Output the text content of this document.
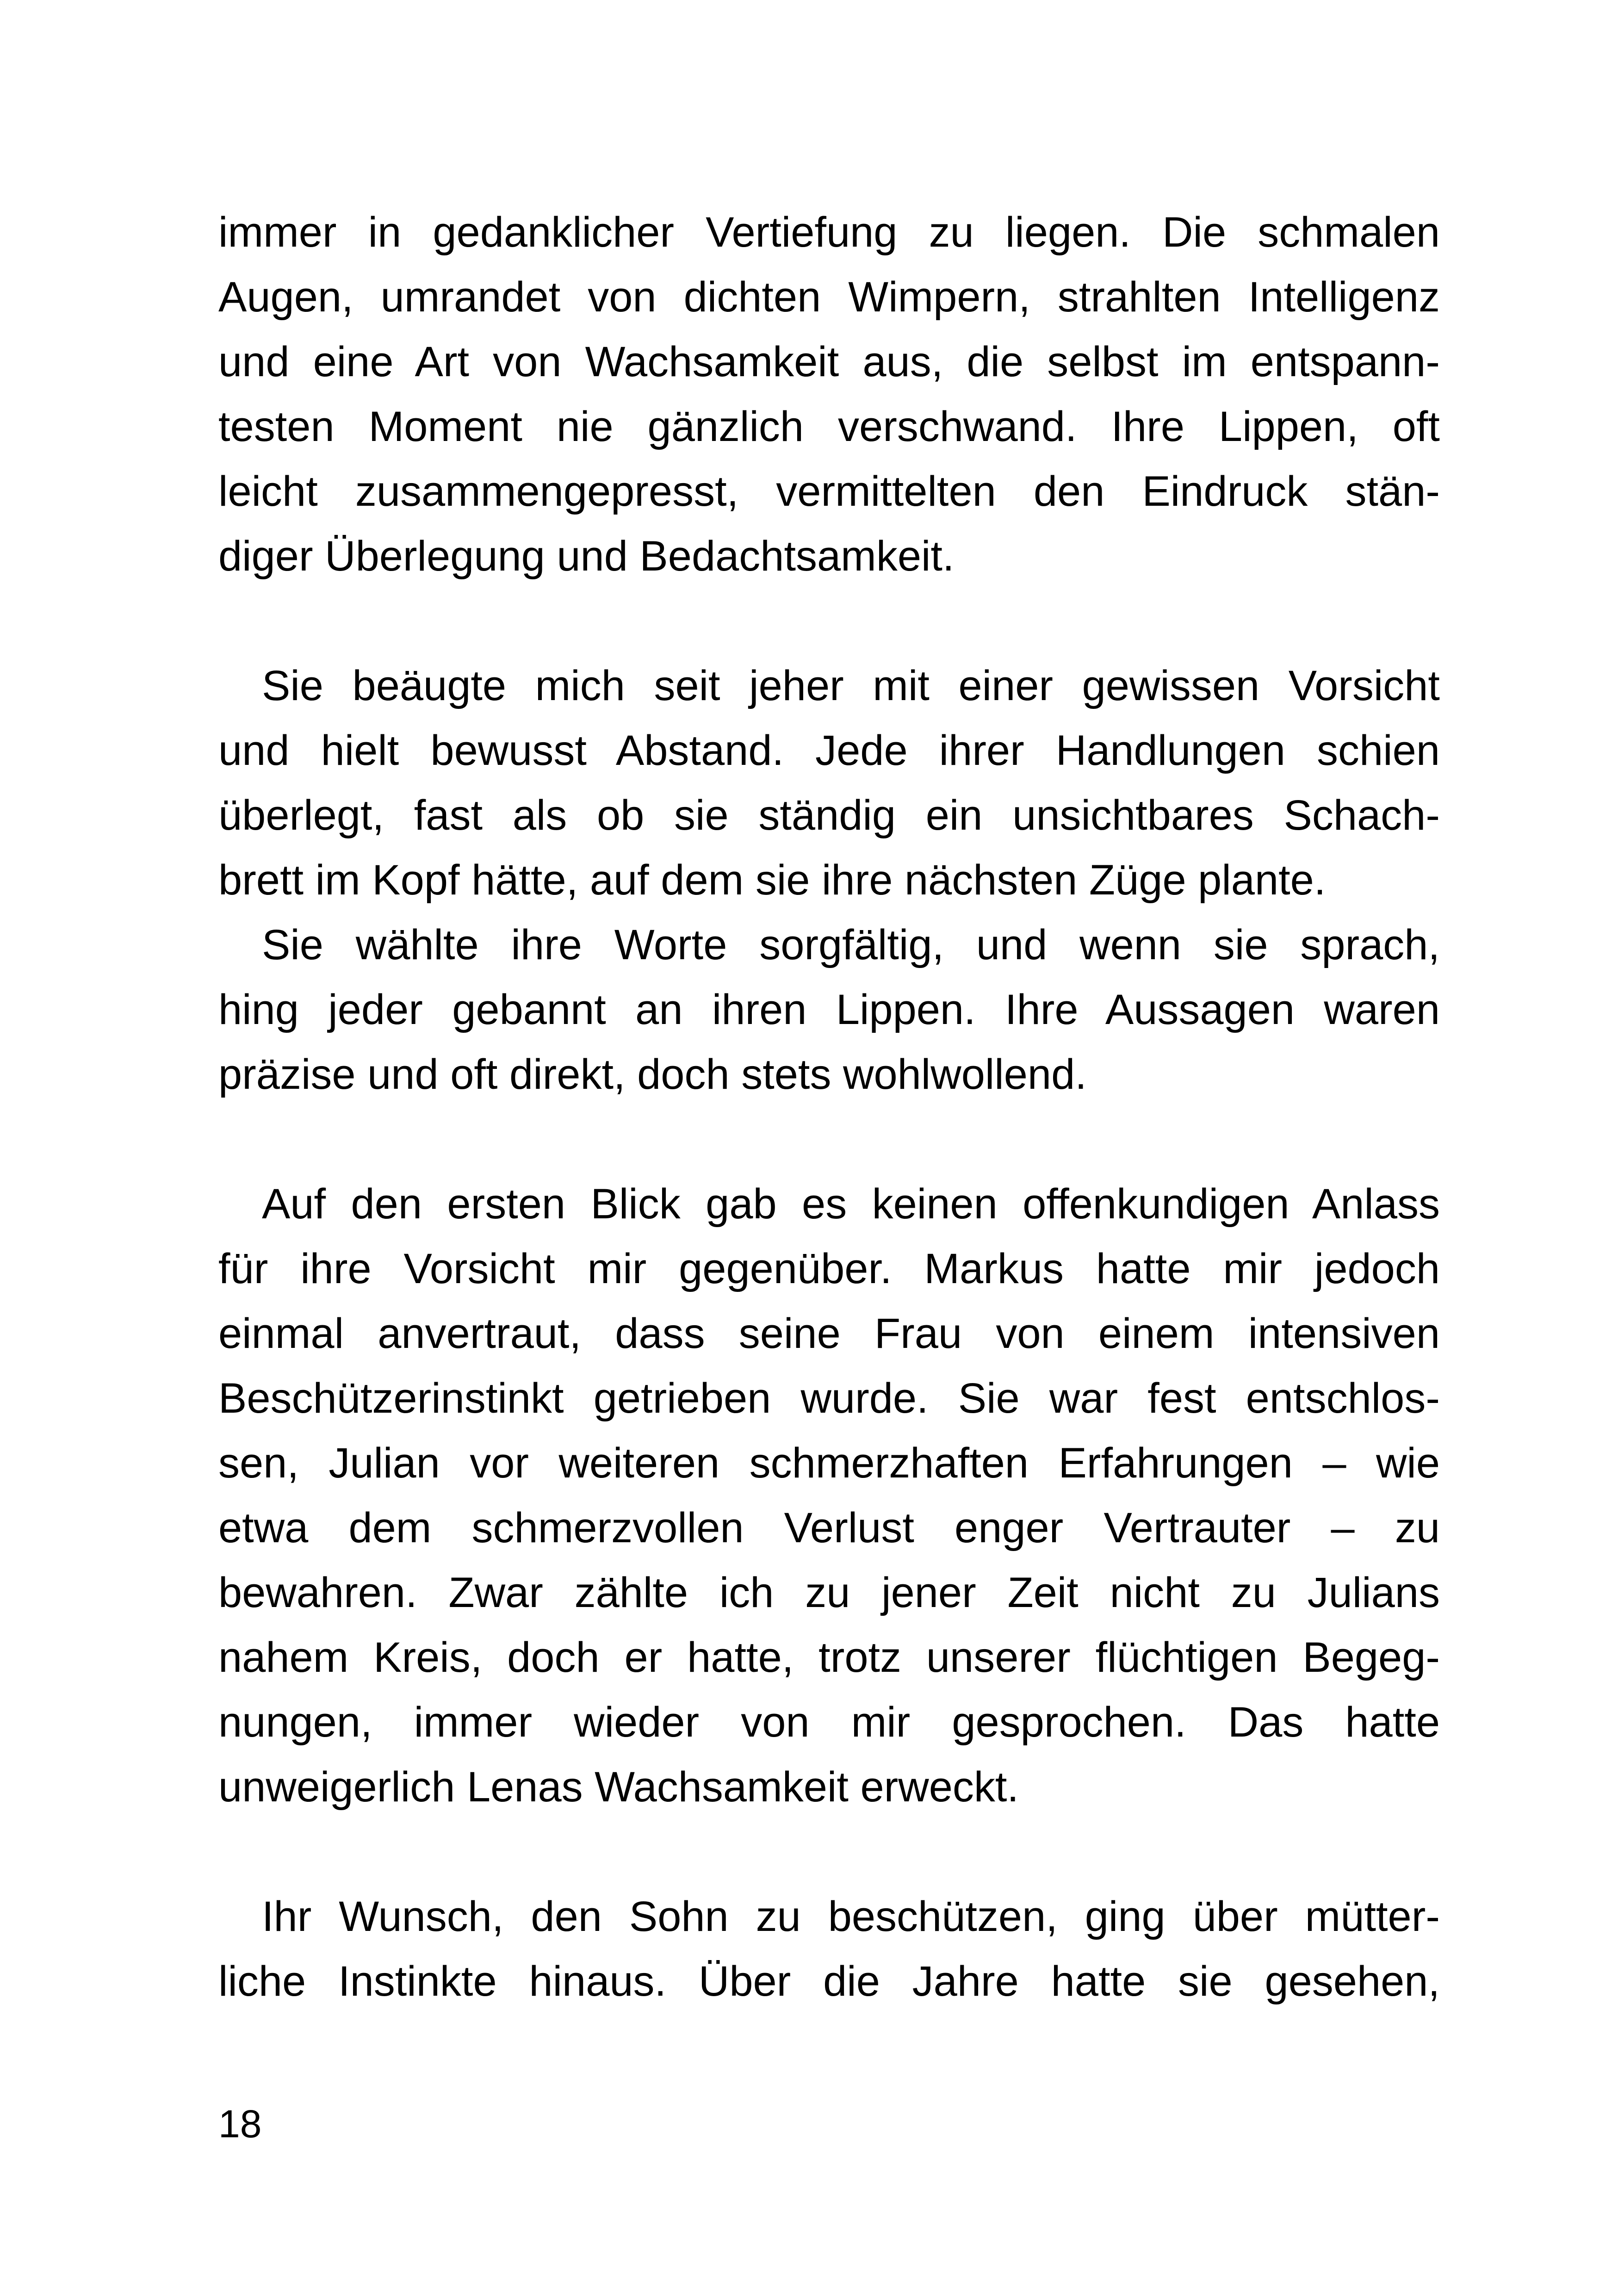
immer in gedanklicher Vertiefung zu liegen. Die schmalen
Augen, umrandet von dichten Wimpern, strahlten Intelligenz
und eine Art von Wachsamkeit aus, die selbst im entspann-
testen Moment nie gänzlich verschwand. Ihre Lippen, oft
leicht zusammengepresst, vermittelten den Eindruck stän-
diger Überlegung und Bedachtsamkeit.
Sie beäugte mich seit jeher mit einer gewissen Vorsicht
und hielt bewusst Abstand. Jede ihrer Handlungen schien
überlegt, fast als ob sie ständig ein unsichtbares Schach-
brett im Kopf hätte, auf dem sie ihre nächsten Züge plante.
Sie wählte ihre Worte sorgfältig, und wenn sie sprach,
hing jeder gebannt an ihren Lippen. Ihre Aussagen waren
präzise und oft direkt, doch stets wohlwollend.
Auf den ersten Blick gab es keinen offenkundigen Anlass
für ihre Vorsicht mir gegenüber. Markus hatte mir jedoch
einmal anvertraut, dass seine Frau von einem intensiven
Beschützerinstinkt getrieben wurde. Sie war fest entschlos-
sen, Julian vor weiteren schmerzhaften Erfahrungen – wie
etwa dem schmerzvollen Verlust enger Vertrauter – zu
bewahren. Zwar zählte ich zu jener Zeit nicht zu Julians
nahem Kreis, doch er hatte, trotz unserer flüchtigen Begeg-
nungen, immer wieder von mir gesprochen. Das hatte
unweigerlich Lenas Wachsamkeit erweckt.
Ihr Wunsch, den Sohn zu beschützen, ging über mütter-
liche Instinkte hinaus. Über die Jahre hatte sie gesehen,
18
